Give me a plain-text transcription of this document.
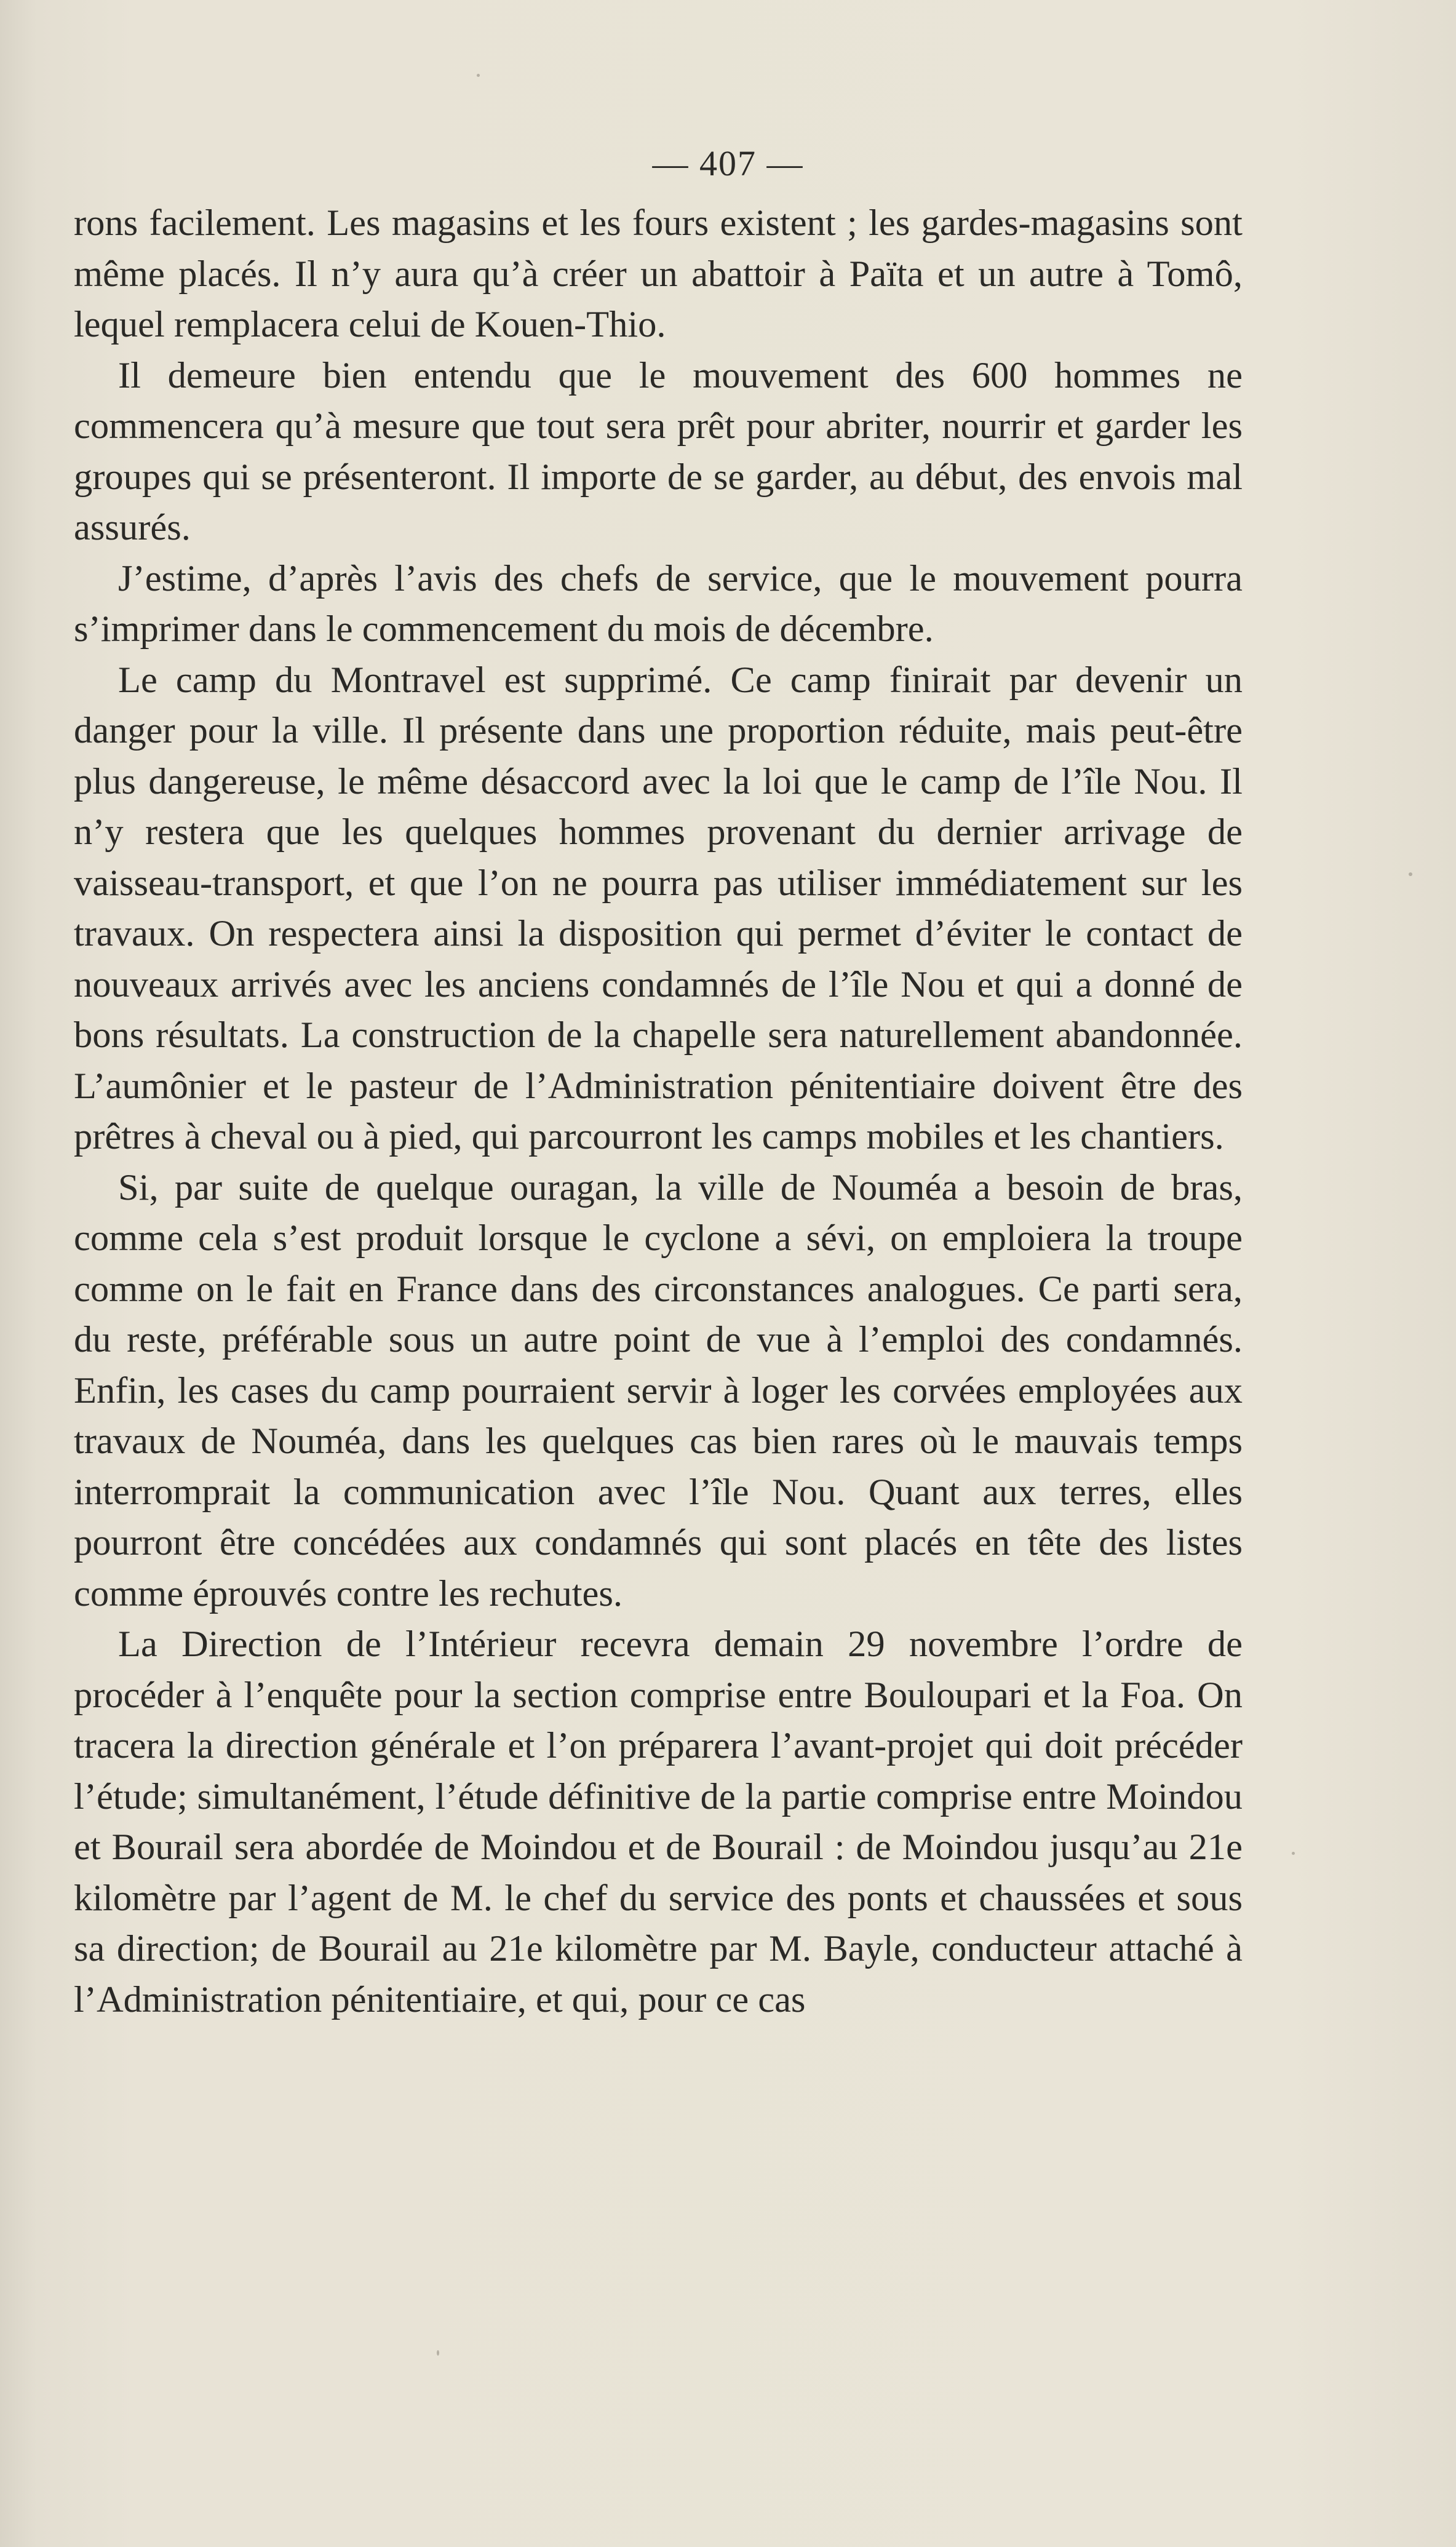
— 407 —

rons facilement. Les magasins et les fours existent ; les gardes-magasins sont même placés. Il n’y aura qu’à créer un abattoir à Païta et un autre à Tomô, lequel remplacera celui de Kouen-Thio.

Il demeure bien entendu que le mouvement des 600 hommes ne commencera qu’à mesure que tout sera prêt pour abriter, nourrir et garder les groupes qui se présenteront. Il importe de se garder, au début, des envois mal assurés.

J’estime, d’après l’avis des chefs de service, que le mouvement pourra s’imprimer dans le commencement du mois de décembre.

Le camp du Montravel est supprimé. Ce camp finirait par devenir un danger pour la ville. Il présente dans une proportion réduite, mais peut-être plus dangereuse, le même désaccord avec la loi que le camp de l’île Nou. Il n’y restera que les quelques hommes provenant du dernier arrivage de vaisseau-transport, et que l’on ne pourra pas utiliser immédiatement sur les travaux. On respectera ainsi la disposition qui permet d’éviter le contact de nouveaux arrivés avec les anciens condamnés de l’île Nou et qui a donné de bons résultats. La construction de la chapelle sera naturellement abandonnée. L’aumônier et le pasteur de l’Administration pénitentiaire doivent être des prêtres à cheval ou à pied, qui parcourront les camps mobiles et les chantiers.

Si, par suite de quelque ouragan, la ville de Nouméa a besoin de bras, comme cela s’est produit lorsque le cyclone a sévi, on emploiera la troupe comme on le fait en France dans des circonstances analogues. Ce parti sera, du reste, préférable sous un autre point de vue à l’emploi des condamnés. Enfin, les cases du camp pourraient servir à loger les corvées employées aux travaux de Nouméa, dans les quelques cas bien rares où le mauvais temps interromprait la communication avec l’île Nou. Quant aux terres, elles pourront être concédées aux condamnés qui sont placés en tête des listes comme éprouvés contre les rechutes.

La Direction de l’Intérieur recevra demain 29 novembre l’ordre de procéder à l’enquête pour la section comprise entre Bouloupari et la Foa. On tracera la direction générale et l’on préparera l’avant-projet qui doit précéder l’étude; simultanément, l’étude définitive de la partie comprise entre Moindou et Bourail sera abordée de Moindou et de Bourail : de Moindou jusqu’au 21e kilomètre par l’agent de M. le chef du service des ponts et chaussées et sous sa direction; de Bourail au 21e kilomètre par M. Bayle, conducteur attaché à l’Administration pénitentiaire, et qui, pour ce cas
